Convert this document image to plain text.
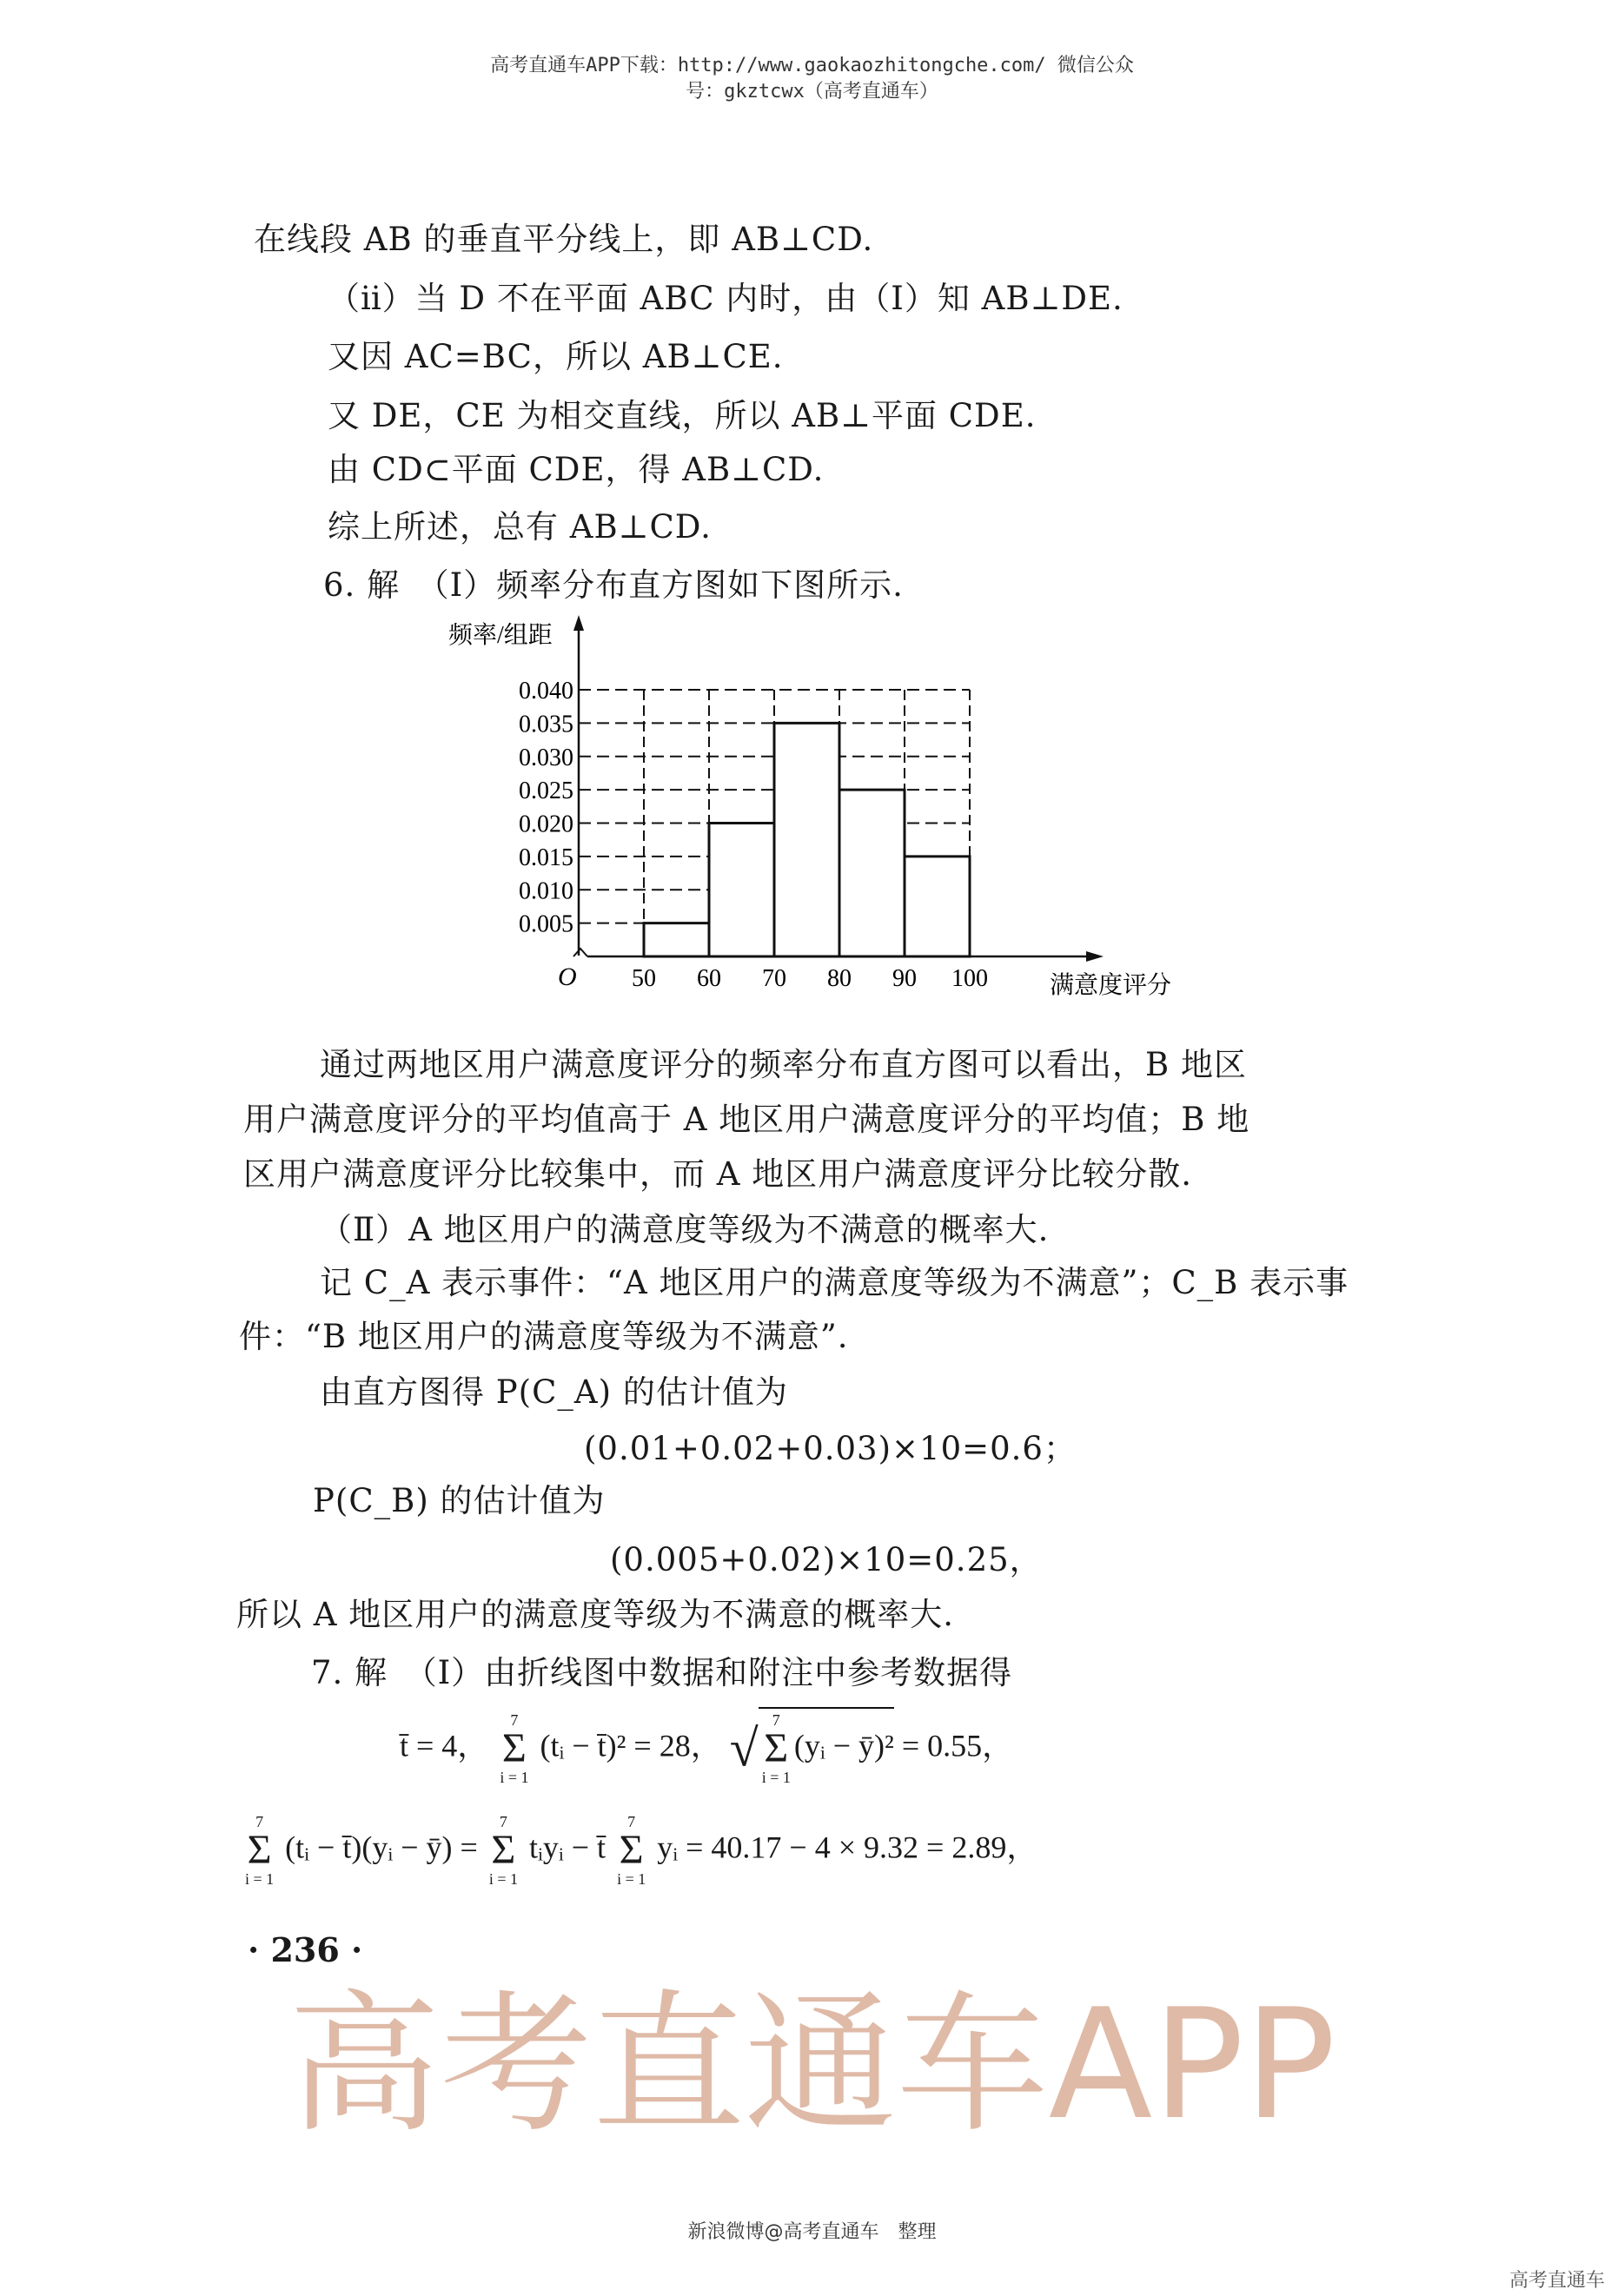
高考直通车APP下载：http://www.gaokaozhitongche.com/ 微信公众
号：gkztcwx（高考直通车）
在线段 AB 的垂直平分线上，即 AB⊥CD.
（ⅱ）当 D 不在平面 ABC 内时，由（Ⅰ）知 AB⊥DE.
又因 AC=BC，所以 AB⊥CE.
又 DE，CE 为相交直线，所以 AB⊥平面 CDE.
由 CD⊂平面 CDE，得 AB⊥CD.
综上所述，总有 AB⊥CD.
6. 解　（Ⅰ）频率分布直方图如下图所示.
频率/组距
满意度评分
O
0.005
0.010
0.015
0.020
0.025
0.030
0.035
0.040
50 60 70 80 90 100
通过两地区用户满意度评分的频率分布直方图可以看出，B 地区
用户满意度评分的平均值高于 A 地区用户满意度评分的平均值；B 地
区用户满意度评分比较集中，而 A 地区用户满意度评分比较分散.
（Ⅱ）A 地区用户的满意度等级为不满意的概率大.
记 C_A 表示事件：“A 地区用户的满意度等级为不满意”；C_B 表示事
件：“B 地区用户的满意度等级为不满意”.
由直方图得 P(C_A) 的估计值为
(0.01+0.02+0.03)×10=0.6；
P(C_B) 的估计值为
(0.005+0.02)×10=0.25，
所以 A 地区用户的满意度等级为不满意的概率大.
7. 解　（Ⅰ）由折线图中数据和附注中参考数据得
t̄ = 4，
7
Σ
i = 1
(tᵢ − t̄)² = 28， √ 7
Σ
i = 1
(yᵢ − ȳ)² = 0.55，
7
Σ
i = 1
(tᵢ − t̄)(yᵢ − ȳ) =
7
Σ
i = 1
tᵢyᵢ − t̄
7
Σ
i = 1
yᵢ = 40.17 − 4 × 9.32 = 2.89，
· 236 ·
高考直通车APP
新浪微博@高考直通车　整理
高考直通车
